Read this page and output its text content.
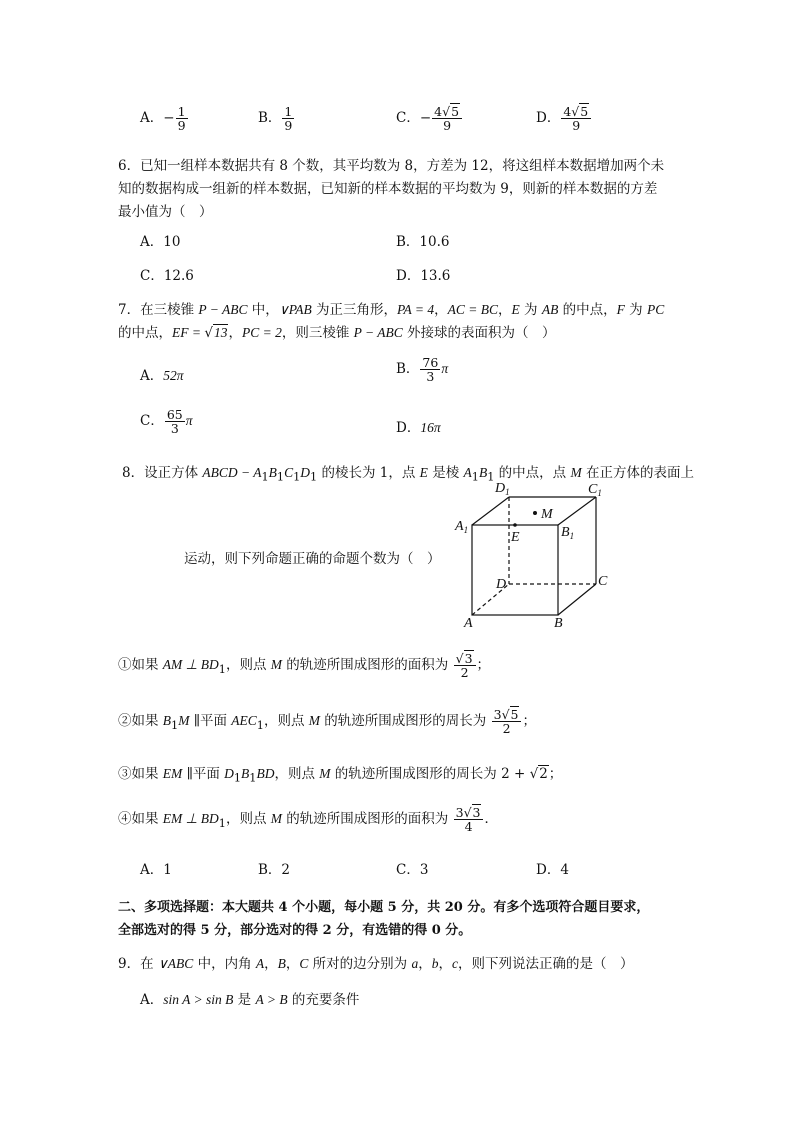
A．− $\frac{1}{9}$	B． $\frac{1}{9}$	C．− $\frac{4√5}{9}$	D． $\frac{4√5}{9}$
6．已知一组样本数据共有 8 个数，其平均数为 8，方差为 12，将这组样本数据增加两个未
知的数据构成一组新的样本数据，已知新的样本数据的平均数为 9，则新的样本数据的方差
最小值为（　）
A．10	B．10.6
C．12.6	D．13.6
7．在三棱锥 P − ABC 中，∨PAB 为正三角形，PA = 4，AC = BC，E 为 AB 的中点，F 为 PC
的中点，EF = √13，PC = 2，则三棱锥 P − ABC 外接球的表面积为（　）
A．52π	B． $\frac{76}{3}$ π
C． $\frac{65}{3}$ π	D．16π
8．设正方体 ABCD − $A_1B_1C_1D_1$ 的棱长为 1，点 E 是棱 $A_1B_1$ 的中点，点 M 在正方体的表面上
运动，则下列命题正确的命题个数为（　）
$D_1$	$C_1$
$A_1$	$B_1$
E
M
D	C
A	B
①如果 AM ⊥ $BD_1$，则点 M 的轨迹所围成图形的面积为 $\frac{√3}{2}$ ；
②如果 $B_1M$ ∥平面 $AEC_1$，则点 M 的轨迹所围成图形的周长为 $\frac{3√5}{2}$ ；
③如果 EM ∥平面 $D_1B_1BD$，则点 M 的轨迹所围成图形的周长为 2 + √2；
④如果 EM ⊥ $BD_1$，则点 M 的轨迹所围成图形的面积为 $\frac{3√3}{4}$ ．
A．1	B．2	C．3	D．4
二、多项选择题：本大题共 4 个小题，每小题 5 分，共 20 分。有多个选项符合题目要求，
全部选对的得 5 分，部分选对的得 2 分，有选错的得 0 分。
9．在 ∨ABC 中，内角 A，B，C 所对的边分别为 a，b，c，则下列说法正确的是（　）
A．sin A > sin B 是 A > B 的充要条件
